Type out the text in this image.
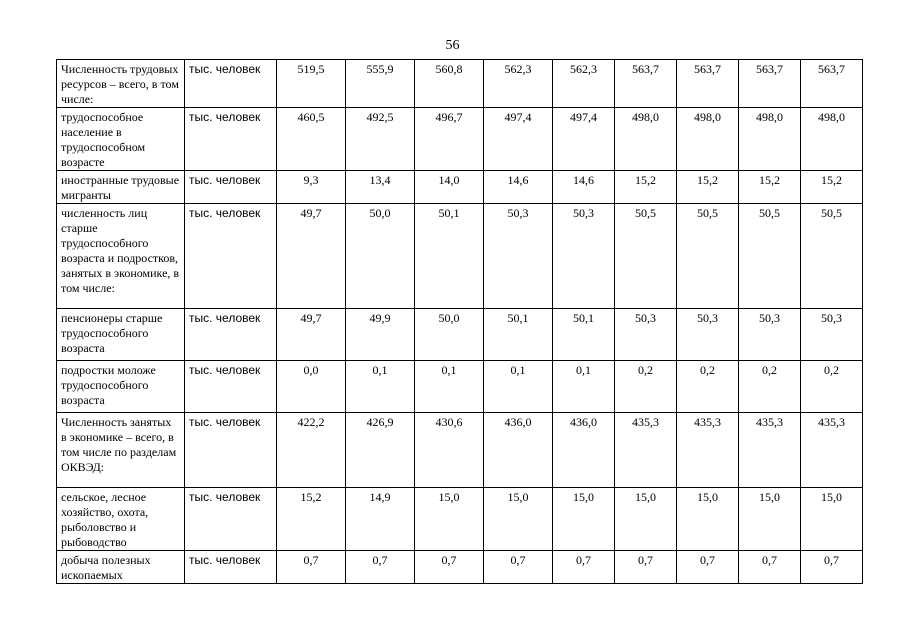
56
Численность трудовых ресурсов – всего, в том числе:	тыс. человек	519,5	555,9	560,8	562,3	562,3	563,7	563,7	563,7	563,7
трудоспособное население в трудоспособном возрасте	тыс. человек	460,5	492,5	496,7	497,4	497,4	498,0	498,0	498,0	498,0
иностранные трудовые мигранты	тыс. человек	9,3	13,4	14,0	14,6	14,6	15,2	15,2	15,2	15,2
численность лиц старше трудоспособного возраста и подростков, занятых в экономике, в том числе:	тыс. человек	49,7	50,0	50,1	50,3	50,3	50,5	50,5	50,5	50,5
пенсионеры старше трудоспособного возраста	тыс. человек	49,7	49,9	50,0	50,1	50,1	50,3	50,3	50,3	50,3
подростки моложе трудоспособного возраста	тыс. человек	0,0	0,1	0,1	0,1	0,1	0,2	0,2	0,2	0,2
Численность занятых в экономике – всего, в том числе по разделам ОКВЭД:	тыс. человек	422,2	426,9	430,6	436,0	436,0	435,3	435,3	435,3	435,3
сельское, лесное хозяйство, охота, рыболовство и рыбоводство	тыс. человек	15,2	14,9	15,0	15,0	15,0	15,0	15,0	15,0	15,0
добыча полезных ископаемых	тыс. человек	0,7	0,7	0,7	0,7	0,7	0,7	0,7	0,7	0,7
